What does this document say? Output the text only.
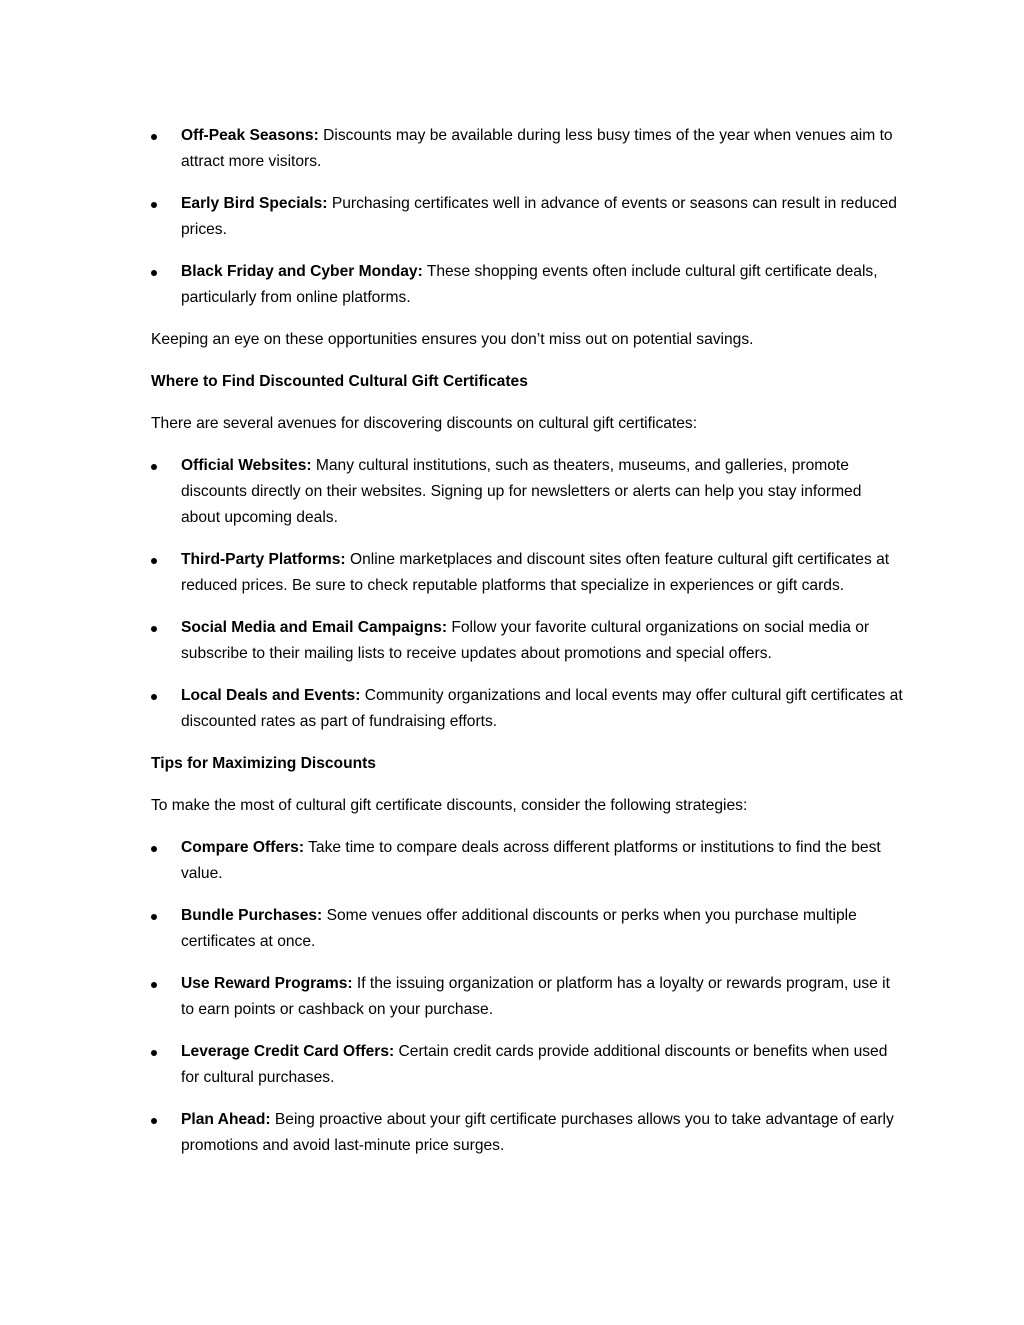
Off-Peak Seasons: Discounts may be available during less busy times of the year when venues aim to attract more visitors.
Early Bird Specials: Purchasing certificates well in advance of events or seasons can result in reduced prices.
Black Friday and Cyber Monday: These shopping events often include cultural gift certificate deals, particularly from online platforms.

Keeping an eye on these opportunities ensures you don’t miss out on potential savings.

Where to Find Discounted Cultural Gift Certificates

There are several avenues for discovering discounts on cultural gift certificates:

Official Websites: Many cultural institutions, such as theaters, museums, and galleries, promote discounts directly on their websites. Signing up for newsletters or alerts can help you stay informed about upcoming deals.
Third-Party Platforms: Online marketplaces and discount sites often feature cultural gift certificates at reduced prices. Be sure to check reputable platforms that specialize in experiences or gift cards.
Social Media and Email Campaigns: Follow your favorite cultural organizations on social media or subscribe to their mailing lists to receive updates about promotions and special offers.
Local Deals and Events: Community organizations and local events may offer cultural gift certificates at discounted rates as part of fundraising efforts.
Tips for Maximizing Discounts

To make the most of cultural gift certificate discounts, consider the following strategies:

Compare Offers: Take time to compare deals across different platforms or institutions to find the best value.
Bundle Purchases: Some venues offer additional discounts or perks when you purchase multiple certificates at once.
Use Reward Programs: If the issuing organization or platform has a loyalty or rewards program, use it to earn points or cashback on your purchase.
Leverage Credit Card Offers: Certain credit cards provide additional discounts or benefits when used for cultural purchases.
Plan Ahead: Being proactive about your gift certificate purchases allows you to take advantage of early promotions and avoid last-minute price surges.
